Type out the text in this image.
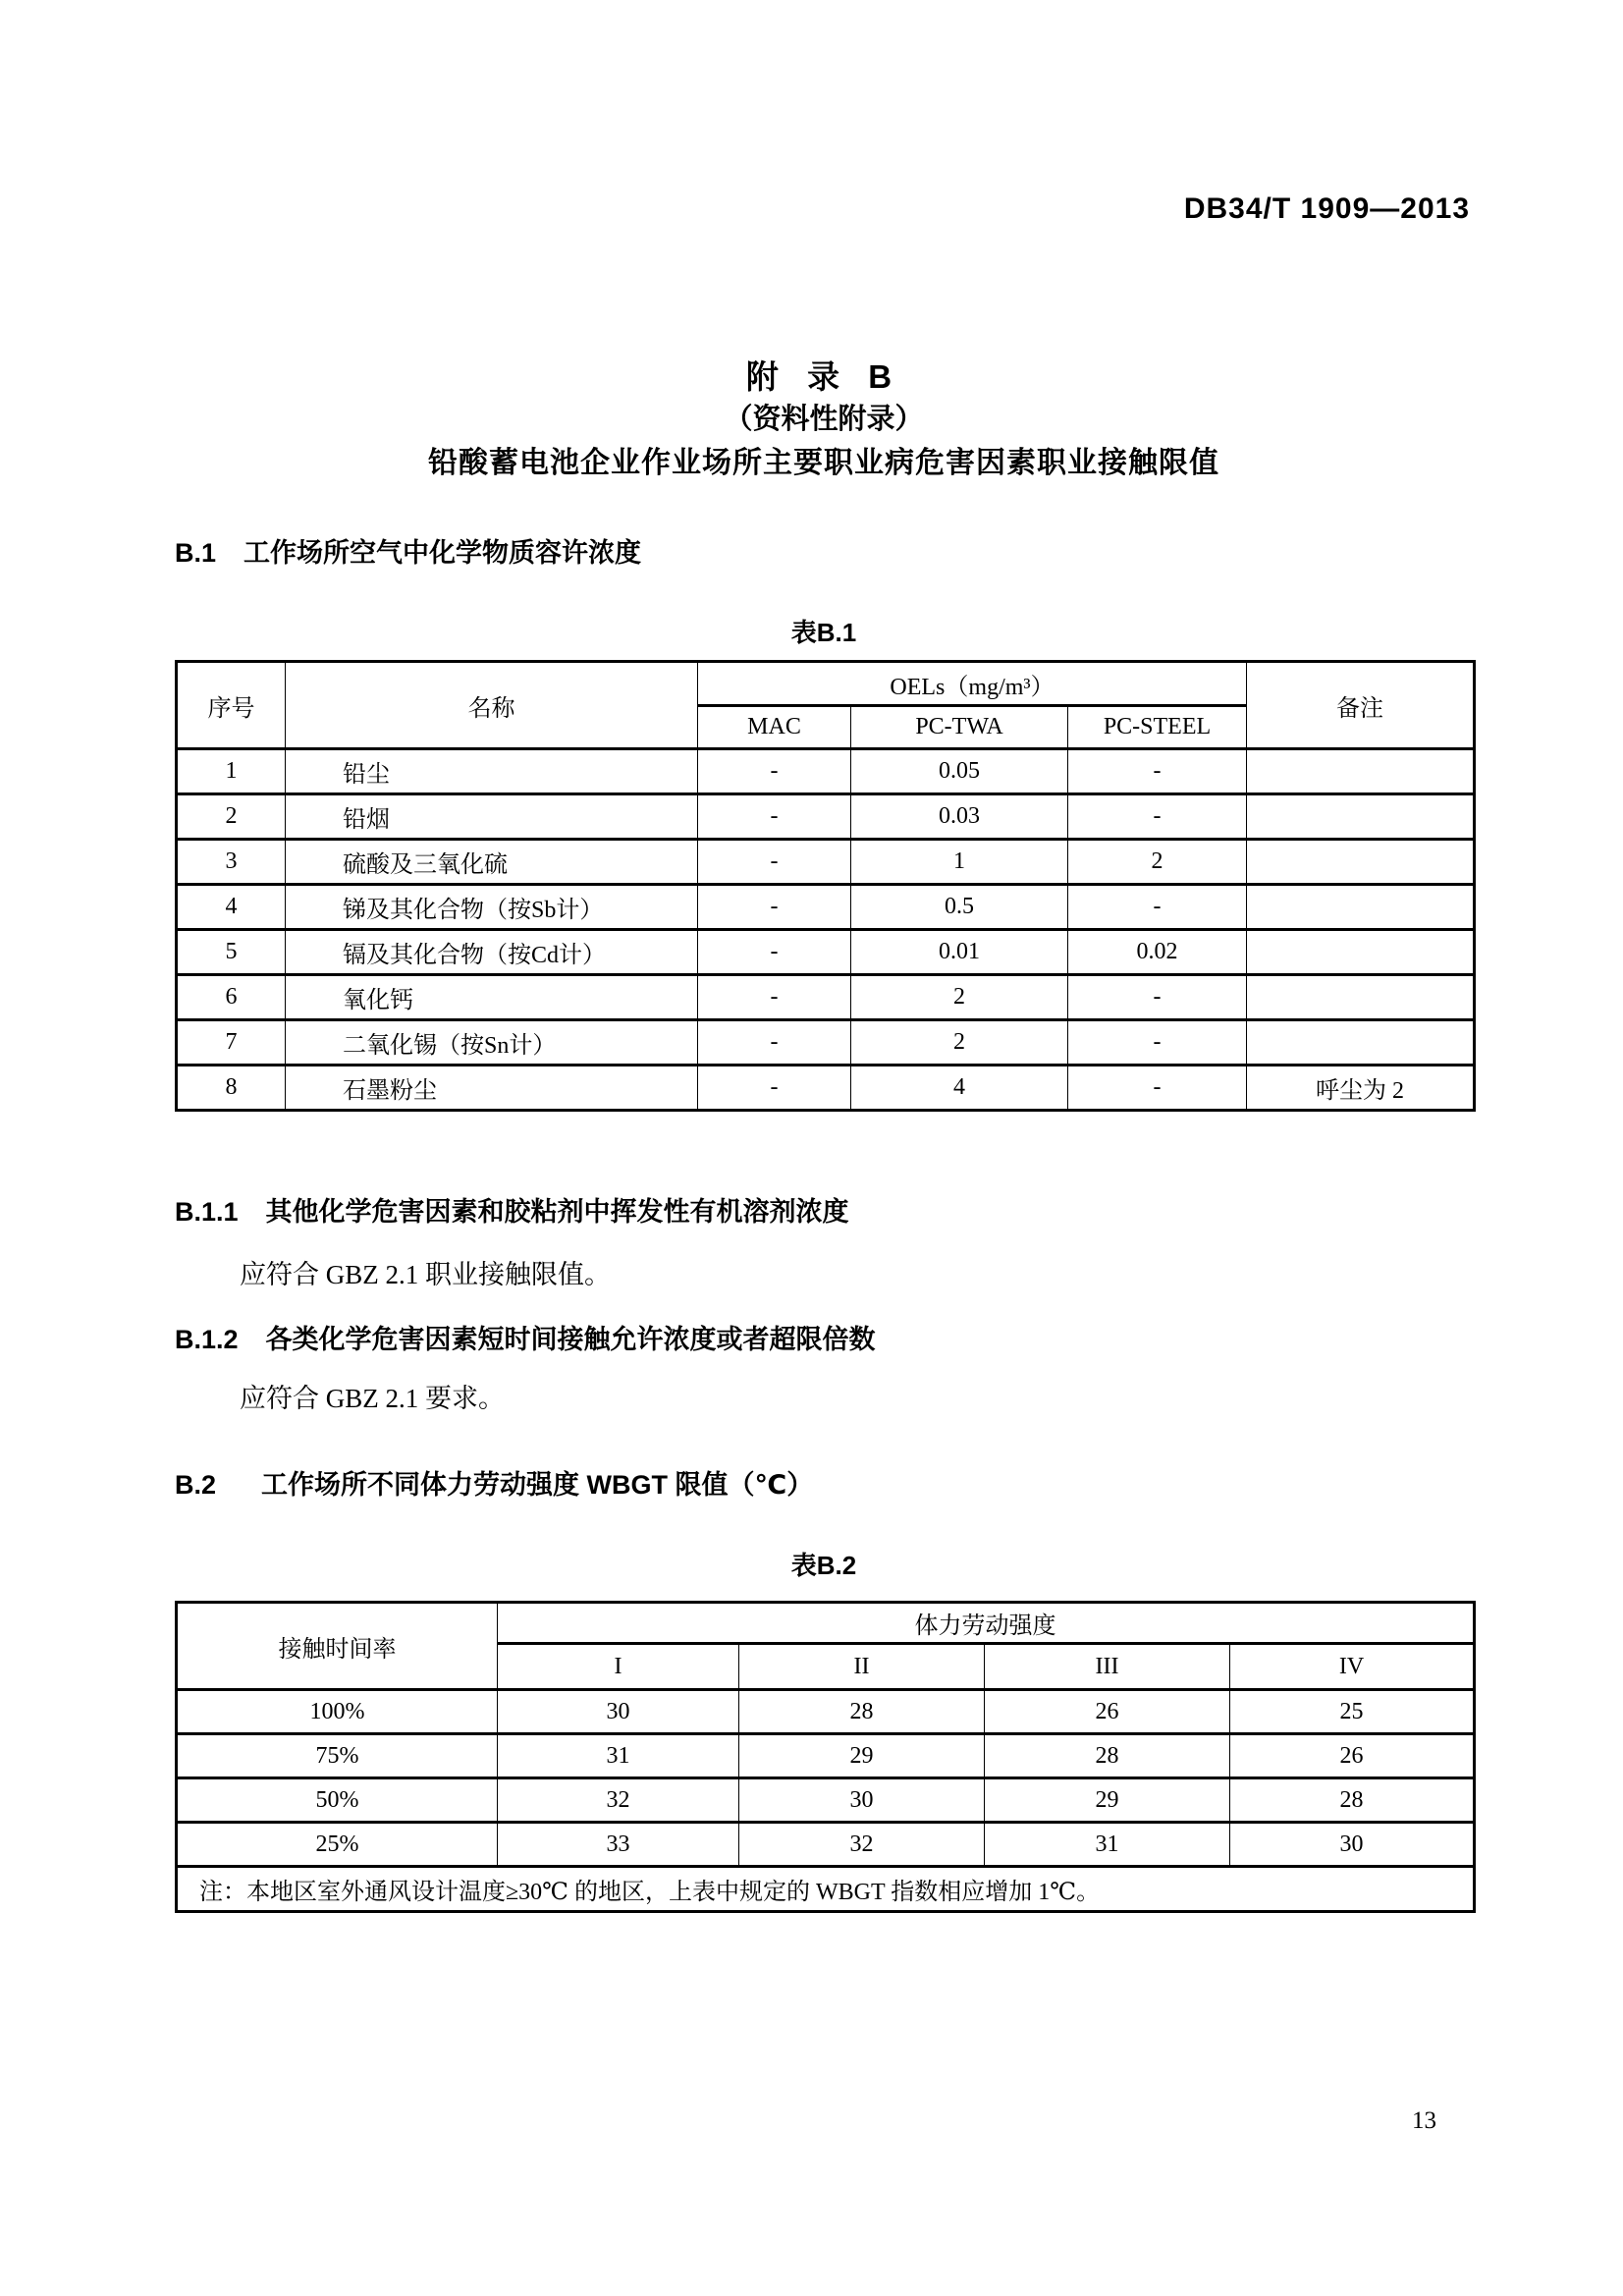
DB34/T 1909—2013
附 录 B
（资料性附录）
铅酸蓄电池企业作业场所主要职业病危害因素职业接触限值
B.1 工作场所空气中化学物质容许浓度
表B.1
序号	名称	OELs（mg/m³）			备注
		MAC	PC-TWA	PC-STEEL	
1	铅尘	-	0.05	-	
2	铅烟	-	0.03	-	
3	硫酸及三氧化硫	-	1	2	
4	锑及其化合物（按Sb计）	-	0.5	-	
5	镉及其化合物（按Cd计）	-	0.01	0.02	
6	氧化钙	-	2	-	
7	二氧化锡（按Sn计）	-	2	-	
8	石墨粉尘	-	4	-	呼尘为 2
B.1.1 其他化学危害因素和胶粘剂中挥发性有机溶剂浓度
应符合 GBZ 2.1 职业接触限值。
B.1.2 各类化学危害因素短时间接触允许浓度或者超限倍数
应符合 GBZ 2.1 要求。
B.2 工作场所不同体力劳动强度 WBGT 限值（℃）
表B.2
接触时间率	体力劳动强度			
	I	II	III	IV
100%	30	28	26	25
75%	31	29	28	26
50%	32	30	29	28
25%	33	32	31	30
注：本地区室外通风设计温度≥30℃ 的地区，上表中规定的 WBGT 指数相应增加 1℃。				
13
